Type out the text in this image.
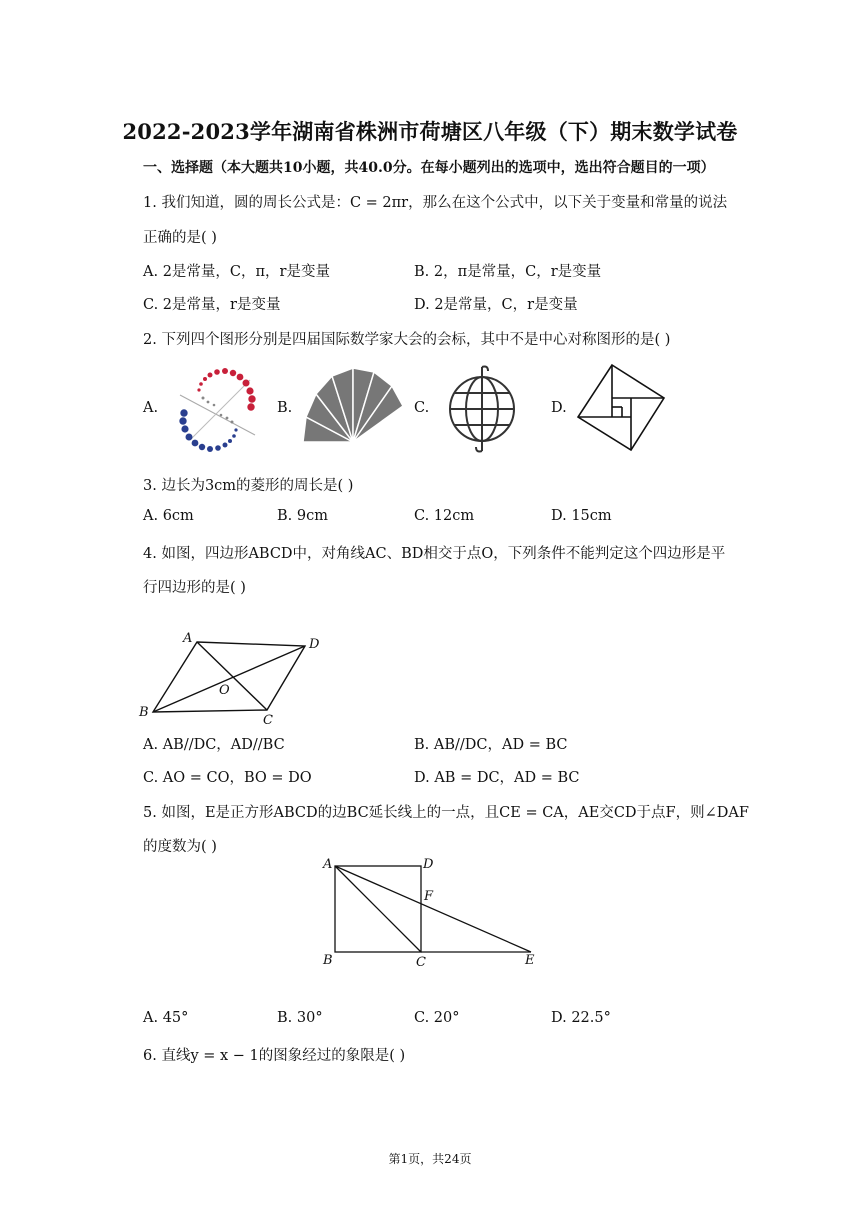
2022-2023学年湖南省株洲市荷塘区八年级（下）期末数学试卷
一、选择题（本大题共10小题，共40.0分。在每小题列出的选项中，选出符合题目的一项）
1. 我们知道，圆的周长公式是：C = 2πr，那么在这个公式中，以下关于变量和常量的说法
正确的是( )
A. 2是常量，C，π，r是变量	B. 2，π是常量，C，r是变量
C. 2是常量，r是变量	D. 2是常量，C，r是变量
2. 下列四个图形分别是四届国际数学家大会的会标，其中不是中心对称图形的是( )
A.	B.	C.	D.
3. 边长为3cm的菱形的周长是( )
A. 6cm	B. 9cm	C. 12cm	D. 15cm
4. 如图，四边形ABCD中，对角线AC、BD相交于点O，下列条件不能判定这个四边形是平
行四边形的是( )
A	D
B
C
O
A. AB//DC，AD//BC	B. AB//DC，AD = BC
C. AO = CO，BO = DO	D. AB = DC，AD = BC
5. 如图，E是正方形ABCD的边BC延长线上的一点，且CE = CA，AE交CD于点F，则∠DAF
的度数为( )
A	D
F
B	C	E
A. 45°	B. 30°	C. 20°	D. 22.5°
6. 直线y = x − 1的图象经过的象限是( )
第1页，共24页
